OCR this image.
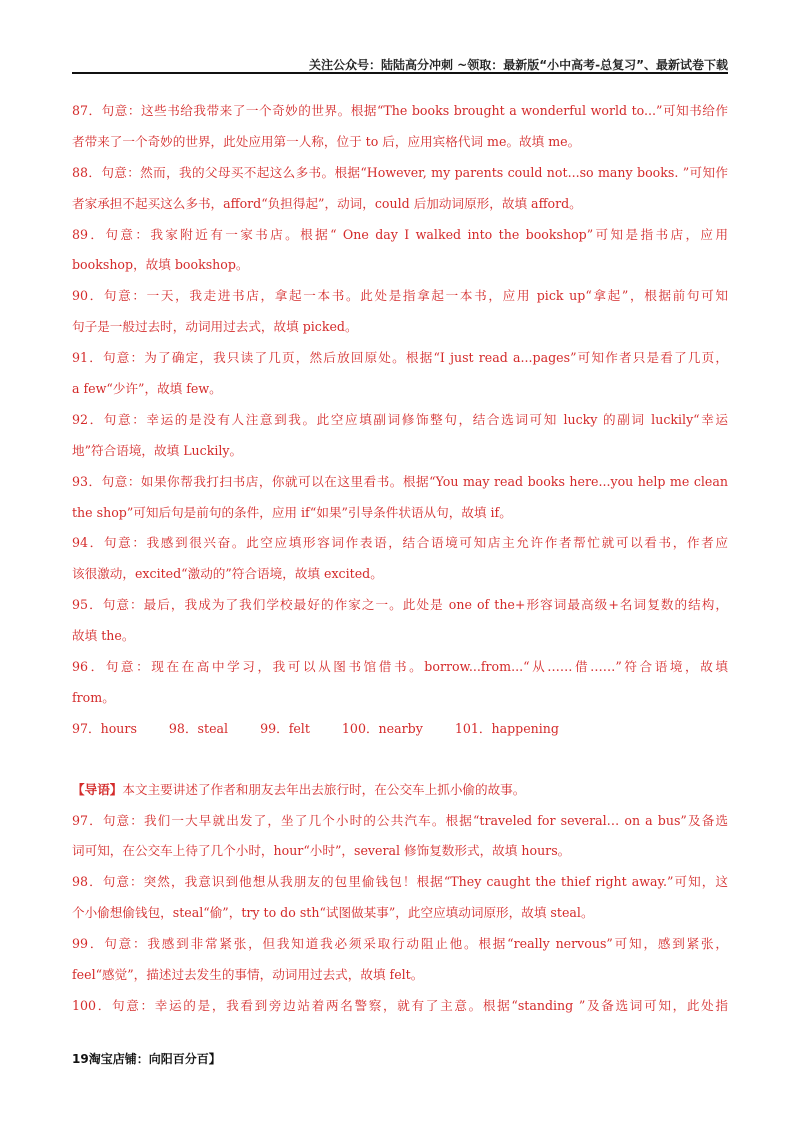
关注公众号：陆陆高分冲刺 ~领取：最新版“小中高考-总复习”、最新试卷下载
87．句意：这些书给我带来了一个奇妙的世界。根据“The books brought a wonderful world to...”可知书给作
者带来了一个奇妙的世界，此处应用第一人称，位于 to 后，应用宾格代词 me。故填 me。
88．句意：然而，我的父母买不起这么多书。根据“However, my parents could not...so many books. ”可知作
者家承担不起买这么多书，afford“负担得起”，动词，could 后加动词原形，故填 afford。
89．句意：我家附近有一家书店。根据“ One day I walked into the bookshop”可知是指书店，应用
bookshop，故填 bookshop。
90．句意：一天，我走进书店，拿起一本书。此处是指拿起一本书，应用 pick up“拿起”，根据前句可知
句子是一般过去时，动词用过去式，故填 picked。
91．句意：为了确定，我只读了几页，然后放回原处。根据“I just read a...pages”可知作者只是看了几页，
a few“少许”，故填 few。
92．句意：幸运的是没有人注意到我。此空应填副词修饰整句，结合选词可知 lucky 的副词 luckily“幸运
地”符合语境，故填 Luckily。
93．句意：如果你帮我打扫书店，你就可以在这里看书。根据“You may read books here...you help me clean
the shop”可知后句是前句的条件，应用 if“如果”引导条件状语从句，故填 if。
94．句意：我感到很兴奋。此空应填形容词作表语，结合语境可知店主允许作者帮忙就可以看书，作者应
该很激动，excited“激动的”符合语境，故填 excited。
95．句意：最后，我成为了我们学校最好的作家之一。此处是 one of the+形容词最高级+名词复数的结构，
故填 the。
96．句意：现在在高中学习，我可以从图书馆借书。borrow...from...“从……借……”符合语境，故填
from。
97．hours	98．steal	99．felt	100．nearby	101．happening
【导语】本文主要讲述了作者和朋友去年出去旅行时，在公交车上抓小偷的故事。
97．句意：我们一大早就出发了，坐了几个小时的公共汽车。根据“traveled for several… on a bus”及备选
词可知，在公交车上待了几个小时，hour“小时”，several 修饰复数形式，故填 hours。
98．句意：突然，我意识到他想从我朋友的包里偷钱包！根据“They caught the thief right away.”可知，这
个小偷想偷钱包，steal“偷”，try to do sth“试图做某事”，此空应填动词原形，故填 steal。
99．句意：我感到非常紧张，但我知道我必须采取行动阻止他。根据“really nervous”可知，感到紧张，
feel“感觉”，描述过去发生的事情，动词用过去式，故填 felt。
100．句意：幸运的是，我看到旁边站着两名警察，就有了主意。根据“standing ”及备选词可知，此处指
19淘宝店铺：向阳百分百】
